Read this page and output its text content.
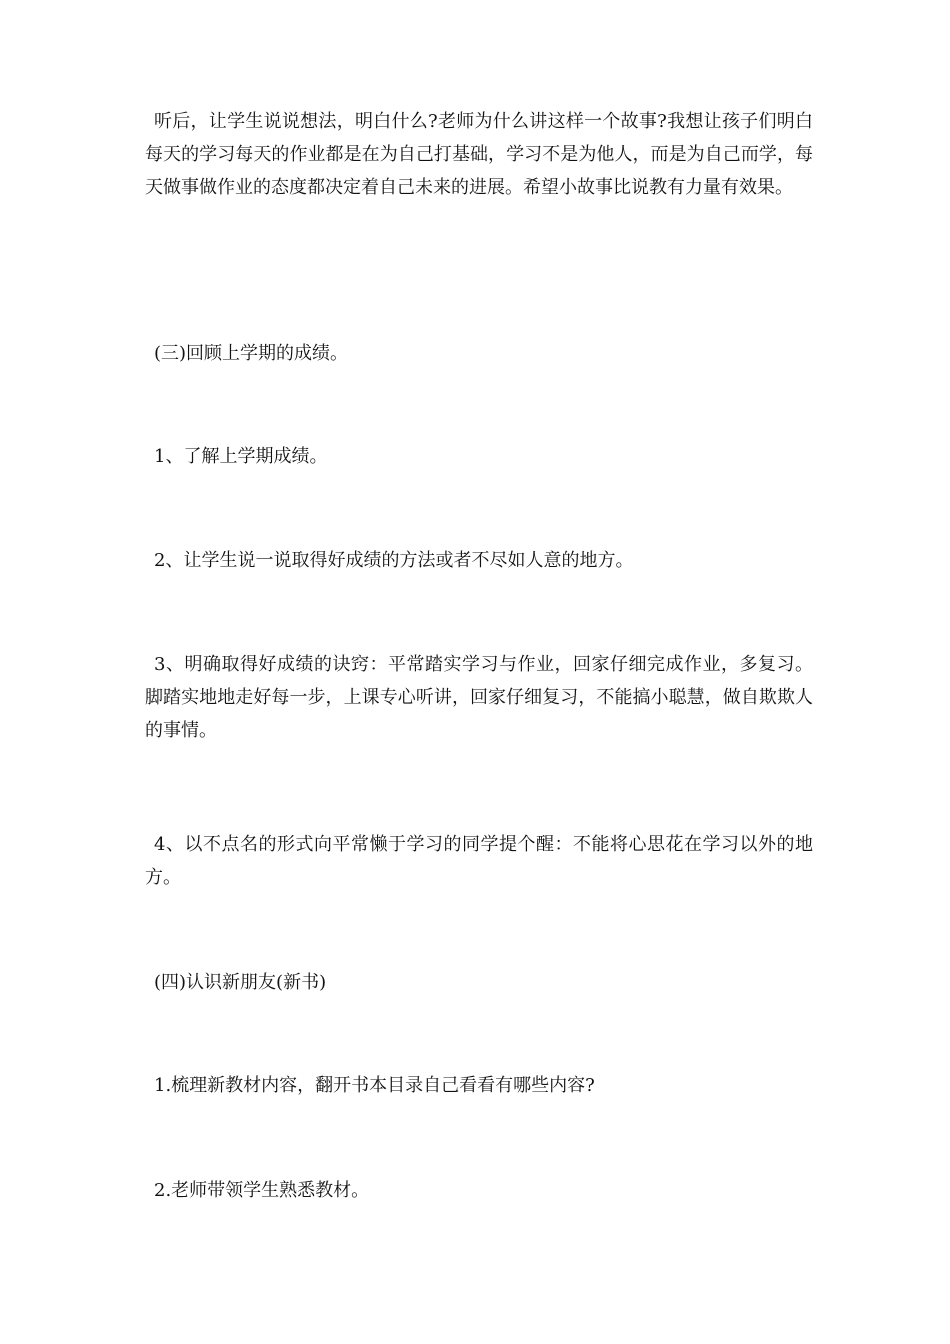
听后，让学生说说想法，明白什么?老师为什么讲这样一个故事?我想让孩子们明白每天的学习每天的作业都是在为自己打基础，学习不是为他人，而是为自己而学，每天做事做作业的态度都决定着自己未来的进展。希望小故事比说教有力量有效果。

(三)回顾上学期的成绩。

1、了解上学期成绩。

2、让学生说一说取得好成绩的方法或者不尽如人意的地方。

3、明确取得好成绩的诀窍：平常踏实学习与作业，回家仔细完成作业，多复习。脚踏实地地走好每一步，上课专心听讲，回家仔细复习，不能搞小聪慧，做自欺欺人的事情。

4、以不点名的形式向平常懒于学习的同学提个醒：不能将心思花在学习以外的地方。

(四)认识新朋友(新书)

1.梳理新教材内容，翻开书本目录自己看看有哪些内容?

2.老师带领学生熟悉教材。
